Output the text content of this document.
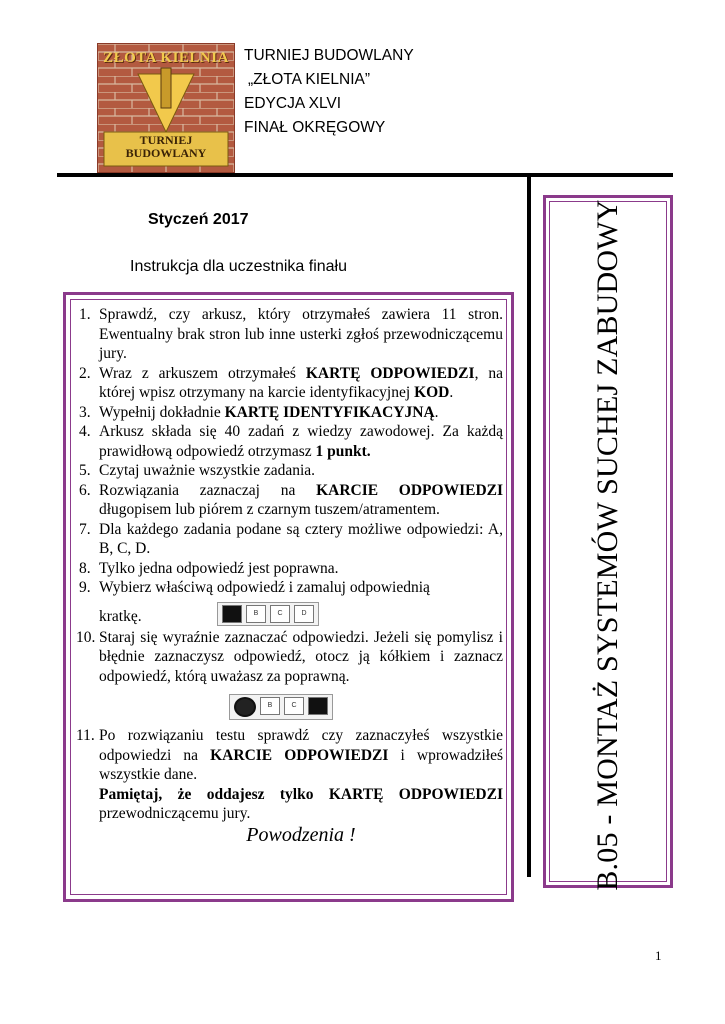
ZŁOTA KIELNIA
TURNIEJ
BUDOWLANY
TURNIEJ BUDOWLANY
„ZŁOTA KIELNIA”
EDYCJA XLVI
FINAŁ OKRĘGOWY
Styczeń 2017
Instrukcja dla uczestnika finału
1. Sprawdź, czy arkusz, który otrzymałeś zawiera 11 stron. Ewentualny brak stron lub inne usterki zgłoś przewodniczącemu jury.
2. Wraz z arkuszem otrzymałeś KARTĘ ODPOWIEDZI, na której wpisz otrzymany na karcie identyfikacyjnej KOD.
3. Wypełnij dokładnie KARTĘ IDENTYFIKACYJNĄ.
4. Arkusz składa się 40 zadań z wiedzy zawodowej. Za każdą prawidłową odpowiedź otrzymasz 1 punkt.
5. Czytaj uważnie wszystkie zadania.
6. Rozwiązania zaznaczaj na KARCIE ODPOWIEDZI długopisem lub piórem z czarnym tuszem/atramentem.
7. Dla każdego zadania podane są cztery możliwe odpowiedzi: A, B, C, D.
8. Tylko jedna odpowiedź jest poprawna.
9. Wybierz właściwą odpowiedź i zamaluj odpowiednią
kratkę.	B	C	D
10. Staraj się wyraźnie zaznaczać odpowiedzi. Jeżeli się pomylisz i błędnie zaznaczysz odpowiedź, otocz ją kółkiem i zaznacz odpowiedź, którą uważasz za poprawną.
B	C
11. Po rozwiązaniu testu sprawdź czy zaznaczyłeś wszystkie odpowiedzi na KARCIE ODPOWIEDZI i wprowadziłeś wszystkie dane.
Pamiętaj, że oddajesz tylko KARTĘ ODPOWIEDZI przewodniczącemu jury.
Powodzenia !	B.05 - MONTAŻ SYSTEMÓW SUCHEJ ZABUDOWY
1
